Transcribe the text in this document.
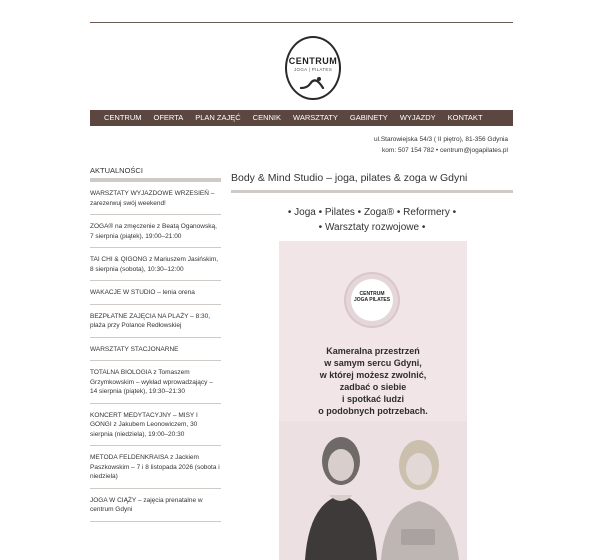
CENTRUM
JOGA | PILATES
CENTRUM	OFERTA	PLAN ZAJĘĆ	CENNIK	WARSZTATY	GABINETY	WYJAZDY	KONTAKT
ul.Starowiejska 54/3 ( II piętro), 81-356 Gdynia
kom: 507 154 782 • centrum@jogapilates.pl
AKTUALNOŚCI
WARSZTATY WYJAZDOWE WRZESIEŃ – zarezerwuj swój weekend!
ZOGA® na zmęczenie z Beatą Oganowską, 7 sierpnia (piątek), 19:00–21:00
TAI CHI & QIGONG z Mariuszem Jasińskim, 8 sierpnia (sobota), 10:30–12:00
WAKACJE W STUDIO – lenia orena
BEZPŁATNE ZAJĘCIA NA PLAŻY – 8:30, plaża przy Polance Redłowskiej
WARSZTATY STACJONARNE
TOTALNA BIOLOGIA z Tomaszem Grzymkowskim – wykład wprowadzający – 14 sierpnia (piątek), 19:30–21:30
KONCERT MEDYTACYJNY – MISY I GONGI z Jakubem Leonowiczem, 30 sierpnia (niedziela), 19:00–20:30
METODA FELDENKRAISA z Jackiem Paszkowskim – 7 i 8 listopada 2026 (sobota i niedziela)
JOGA W CIĄŻY – zajęcia prenatalne w centrum Gdyni
Body & Mind Studio – joga, pilates & zoga w Gdyni
• Joga • Pilates • Zoga® • Reformery •
• Warsztaty rozwojowe •
CENTRUM
JOGA PILATES
Kameralna przestrzeń
w samym sercu Gdyni,
w której możesz zwolnić,
zadbać o siebie
i spotkać ludzi
o podobnych potrzebach.
